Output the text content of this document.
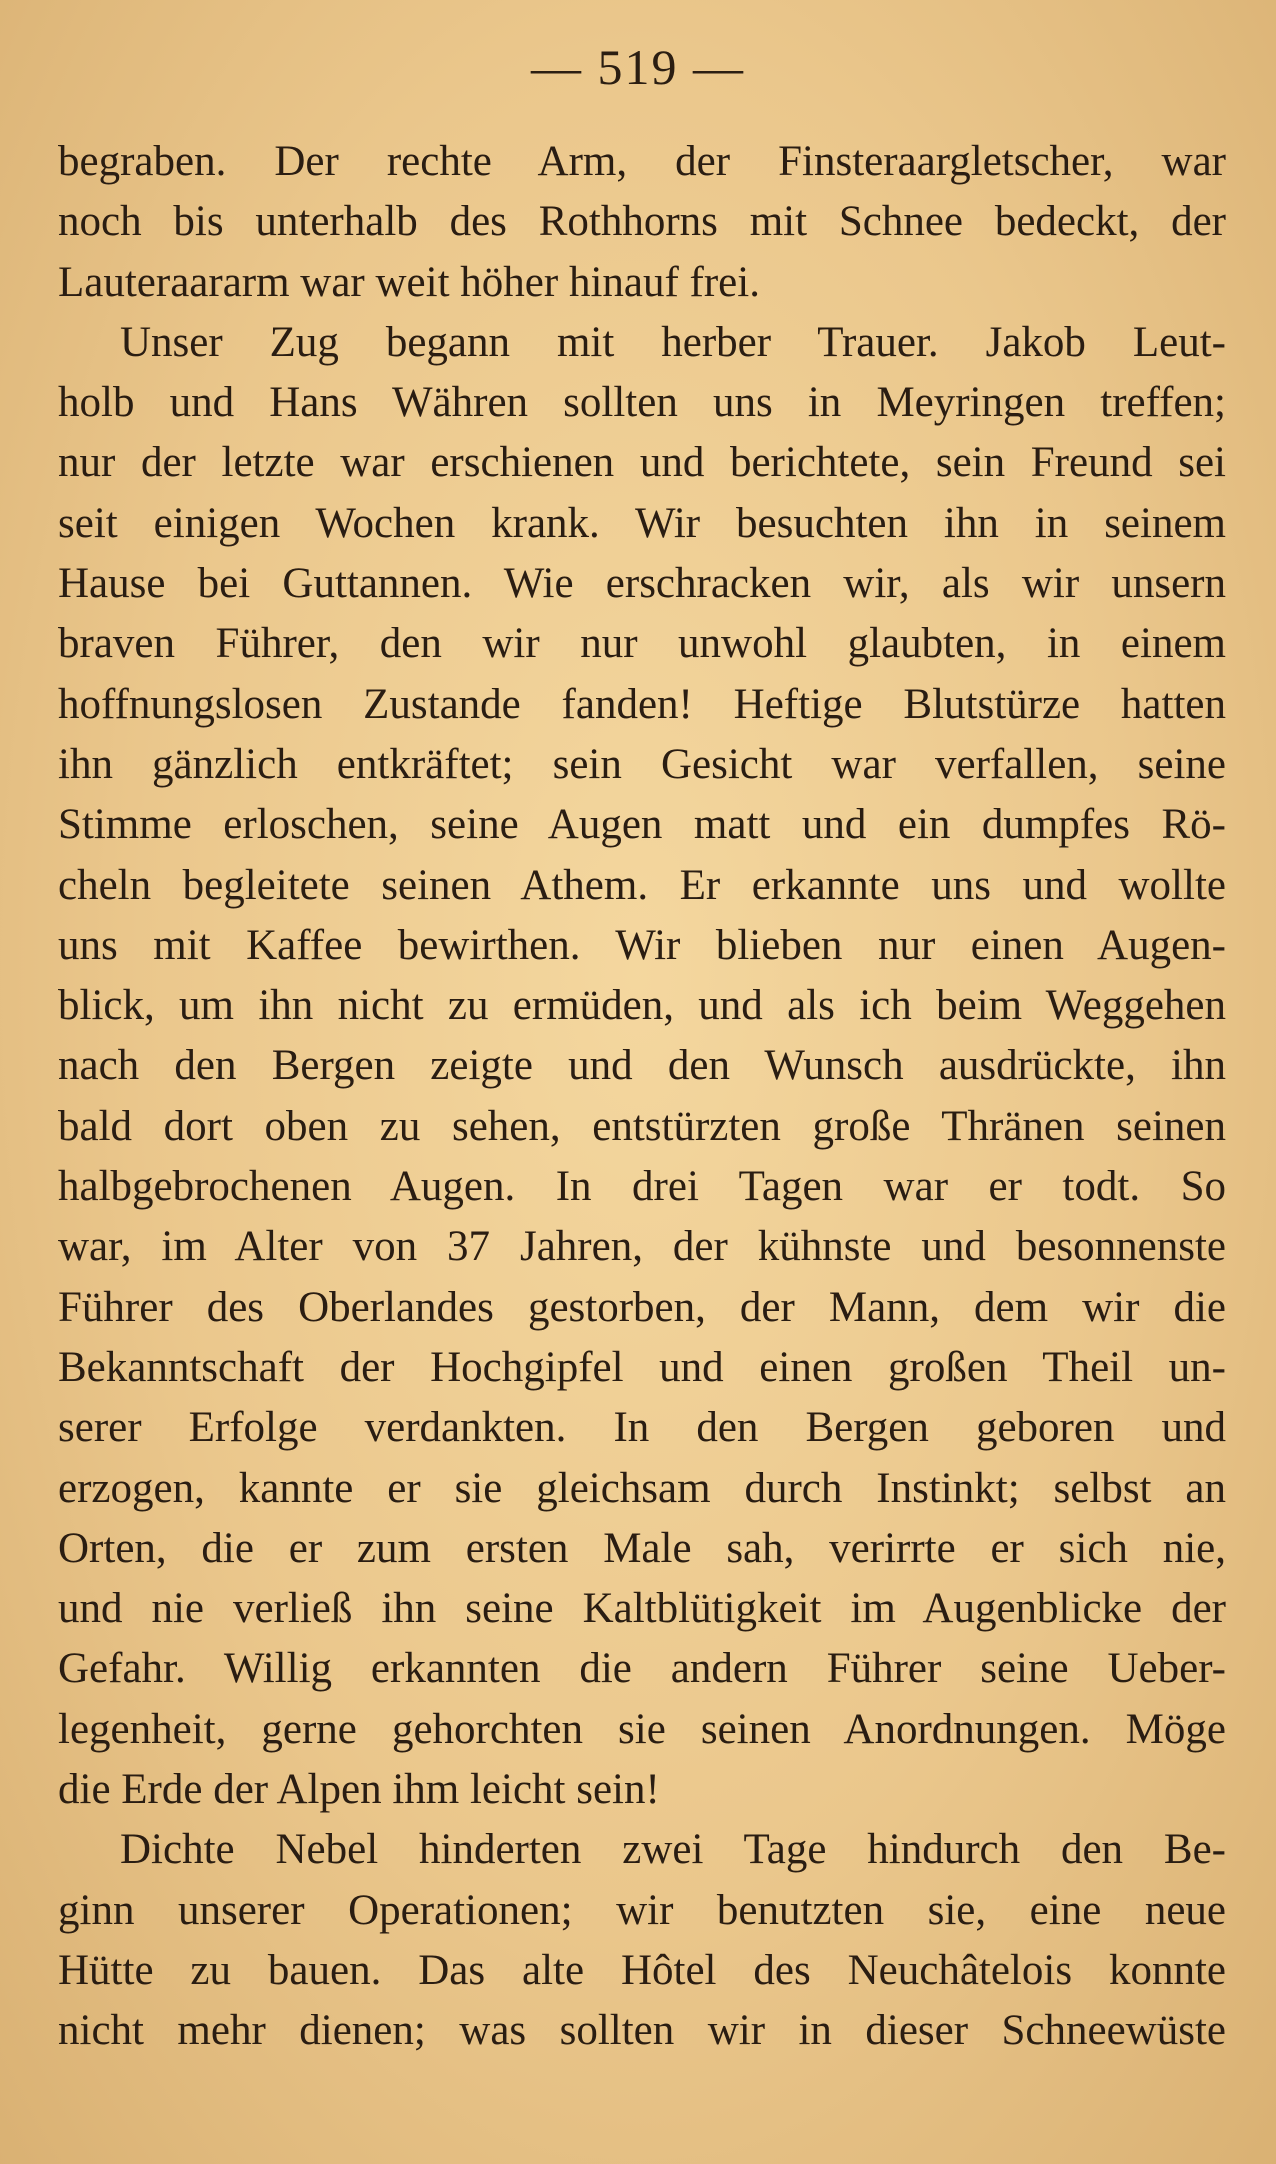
— 519 —
begraben. Der rechte Arm, der Finsteraargletscher, war
noch bis unterhalb des Rothhorns mit Schnee bedeckt, der
Lauteraararm war weit höher hinauf frei.
Unser Zug begann mit herber Trauer. Jakob Leut-
holb und Hans Währen sollten uns in Meyringen treffen;
nur der letzte war erschienen und berichtete, sein Freund sei
seit einigen Wochen krank. Wir besuchten ihn in seinem
Hause bei Guttannen. Wie erschracken wir, als wir unsern
braven Führer, den wir nur unwohl glaubten, in einem
hoffnungslosen Zustande fanden! Heftige Blutstürze hatten
ihn gänzlich entkräftet; sein Gesicht war verfallen, seine
Stimme erloschen, seine Augen matt und ein dumpfes Rö-
cheln begleitete seinen Athem. Er erkannte uns und wollte
uns mit Kaffee bewirthen. Wir blieben nur einen Augen-
blick, um ihn nicht zu ermüden, und als ich beim Weggehen
nach den Bergen zeigte und den Wunsch ausdrückte, ihn
bald dort oben zu sehen, entstürzten große Thränen seinen
halbgebrochenen Augen. In drei Tagen war er todt. So
war, im Alter von 37 Jahren, der kühnste und besonnenste
Führer des Oberlandes gestorben, der Mann, dem wir die
Bekanntschaft der Hochgipfel und einen großen Theil un-
serer Erfolge verdankten. In den Bergen geboren und
erzogen, kannte er sie gleichsam durch Instinkt; selbst an
Orten, die er zum ersten Male sah, verirrte er sich nie,
und nie verließ ihn seine Kaltblütigkeit im Augenblicke der
Gefahr. Willig erkannten die andern Führer seine Ueber-
legenheit, gerne gehorchten sie seinen Anordnungen. Möge
die Erde der Alpen ihm leicht sein!
Dichte Nebel hinderten zwei Tage hindurch den Be-
ginn unserer Operationen; wir benutzten sie, eine neue
Hütte zu bauen. Das alte Hôtel des Neuchâtelois konnte
nicht mehr dienen; was sollten wir in dieser Schneewüste
